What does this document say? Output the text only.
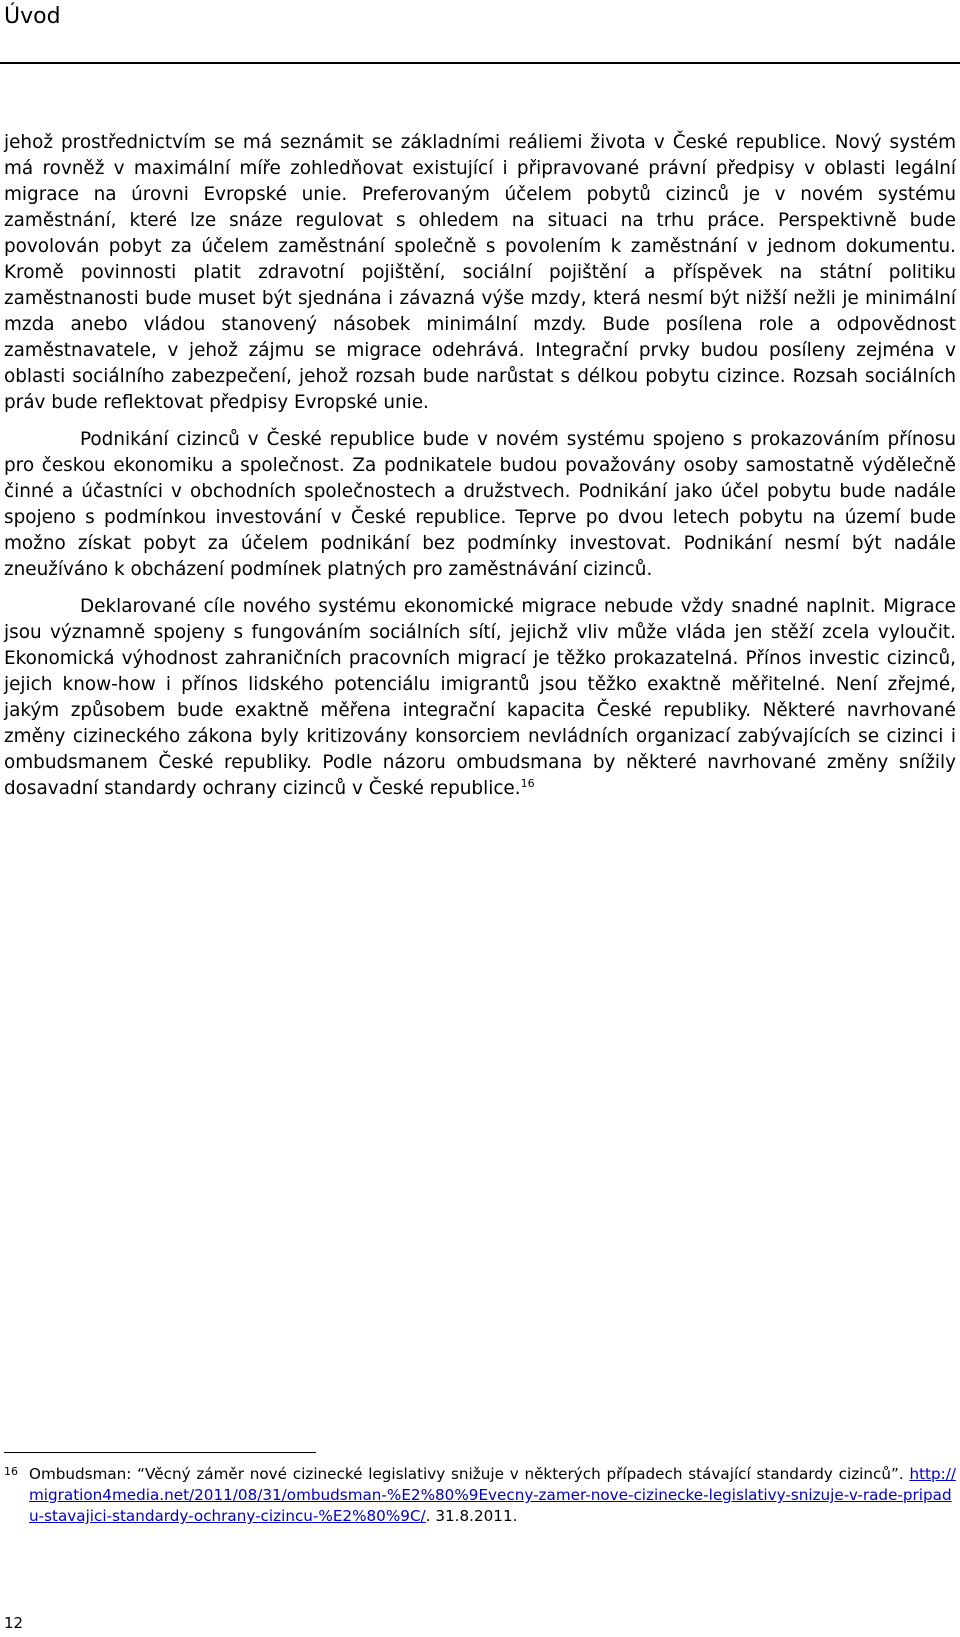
Úvod

jehož prostřednictvím se má seznámit se základními reáliemi života v České republice. Nový systém má rovněž v maximální míře zohledňovat existující i připravované právní předpisy v oblasti legální migrace na úrovni Evropské unie. Preferovaným účelem pobytů cizinců je v novém systému zaměstnání, které lze snáze regulovat s ohledem na situaci na trhu práce. Perspektivně bude povolován pobyt za účelem zaměstnání společně s povolením k zaměstnání v jednom dokumentu. Kromě povinnosti platit zdravotní pojištění, sociální pojištění a příspěvek na státní politiku zaměstnanosti bude muset být sjednána i závazná výše mzdy, která nesmí být nižší nežli je minimální mzda anebo vládou stanovený násobek minimální mzdy. Bude posílena role a odpovědnost zaměstnavatele, v jehož zájmu se migrace odehrává. Integrační prvky budou posíleny zejména v oblasti sociálního zabezpečení, jehož rozsah bude narůstat s délkou pobytu cizince. Rozsah sociálních práv bude reflektovat předpisy Evropské unie.

Podnikání cizinců v České republice bude v novém systému spojeno s prokazováním přínosu pro českou ekonomiku a společnost. Za podnikatele budou považovány osoby samostatně výdělečně činné a účastníci v obchodních společnostech a družstvech. Podnikání jako účel pobytu bude nadále spojeno s podmínkou investování v České republice. Teprve po dvou letech pobytu na území bude možno získat pobyt za účelem podnikání bez podmínky investovat. Podnikání nesmí být nadále zneužíváno k obcházení podmínek platných pro zaměstnávání cizinců.

Deklarované cíle nového systému ekonomické migrace nebude vždy snadné naplnit. Migrace jsou významně spojeny s fungováním sociálních sítí, jejichž vliv může vláda jen stěží zcela vyloučit. Ekonomická výhodnost zahraničních pracovních migrací je těžko prokazatelná. Přínos investic cizinců, jejich know-how i přínos lidského potenciálu imigrantů jsou těžko exaktně měřitelné. Není zřejmé, jakým způsobem bude exaktně měřena integrační kapacita České republiky. Některé navrhované změny cizineckého zákona byly kritizovány konsorciem nevládních organizací zabývajících se cizinci i ombudsmanem České republiky. Podle názoru ombudsmana by některé navrhované změny snížily dosavadní standardy ochrany cizinců v České republice.$^{16}$

16 Ombudsman: “Věcný záměr nové cizinecké legislativy snižuje v některých případech stávající standardy cizinců”. http://migration4media.net/2011/08/31/ombudsman-%E2%80%9Evecny-zamer-nove-cizinecke-legislativy-snizuje-v-rade-pripadu-stavajici-standardy-ochrany-cizincu-%E2%80%9C/. 31.8.2011.
12
